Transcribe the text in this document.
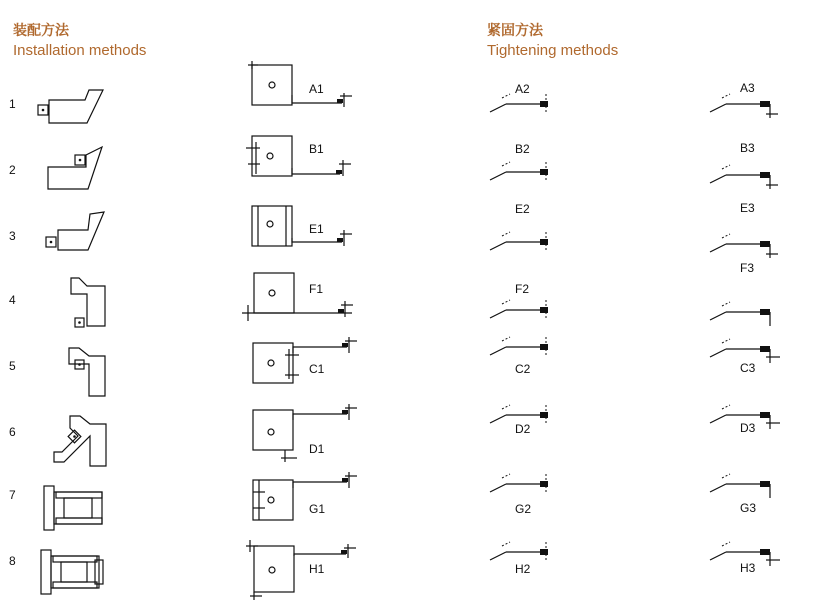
装配方法
Installation methods
紧固方法
Tightening methods
1
2
3
4
5
6
7
8
A1
B1
E1
F1
C1
D1
G1
H1
A2
B2
E2
F2
C2
D2
G2
H2
A3
B3
E3
F3
C3
D3
G3
H3
